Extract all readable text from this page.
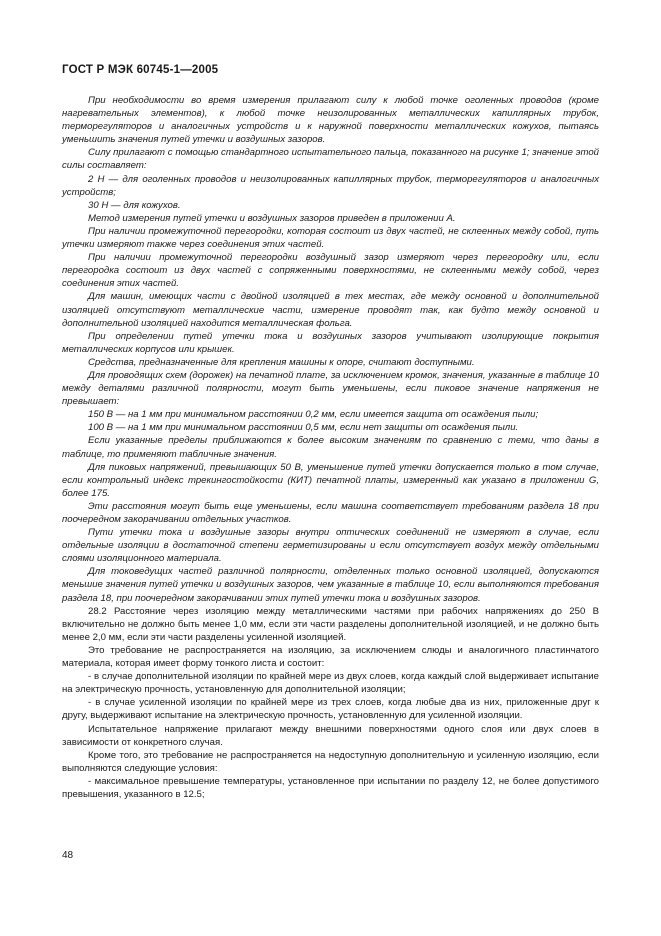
ГОСТ Р МЭК 60745-1—2005

При необходимости во время измерения прилагают силу к любой точке оголенных проводов (кроме нагревательных элементов), к любой точке неизолированных металлических капиллярных трубок, терморегуляторов и аналогичных устройств и к наружной поверхности металлических кожухов, пытаясь уменьшить значения путей утечки и воздушных зазоров.

Силу прилагают с помощью стандартного испытательного пальца, показанного на рисунке 1; значение этой силы составляет:

2 Н — для оголенных проводов и неизолированных капиллярных трубок, терморегуляторов и аналогичных устройств;

30 Н — для кожухов.

Метод измерения путей утечки и воздушных зазоров приведен в приложении А.

При наличии промежуточной перегородки, которая состоит из двух частей, не склеенных между собой, путь утечки измеряют также через соединения этих частей.

При наличии промежуточной перегородки воздушный зазор измеряют через перегородку или, если перегородка состоит из двух частей с сопряженными поверхностями, не склеенными между собой, через соединения этих частей.

Для машин, имеющих части с двойной изоляцией в тех местах, где между основной и дополнительной изоляцией отсутствуют металлические части, измерение проводят так, как будто между основной и дополнительной изоляцией находится металлическая фольга.

При определении путей утечки тока и воздушных зазоров учитывают изолирующие покрытия металлических корпусов или крышек.

Средства, предназначенные для крепления машины к опоре, считают доступными.

Для проводящих схем (дорожек) на печатной плате, за исключением кромок, значения, указанные в таблице 10 между деталями различной полярности, могут быть уменьшены, если пиковое значение напряжения не превышает:

150 В — на 1 мм при минимальном расстоянии 0,2 мм, если имеется защита от осаждения пыли;

100 В — на 1 мм при минимальном расстоянии 0,5 мм, если нет защиты от осаждения пыли.

Если указанные пределы приближаются к более высоким значениям по сравнению с теми, что даны в таблице, то применяют табличные значения.

Для пиковых напряжений, превышающих 50 В, уменьшение путей утечки допускается только в том случае, если контрольный индекс трекингостойкости (КИТ) печатной платы, измеренный как указано в приложении G, более 175.

Эти расстояния могут быть еще уменьшены, если машина соответствует требованиям раздела 18 при поочередном закорачивании отдельных участков.

Пути утечки тока и воздушные зазоры внутри оптических соединений не измеряют в случае, если отдельные изоляции в достаточной степени герметизированы и если отсутствует воздух между отдельными слоями изоляционного материала.

Для токоведущих частей различной полярности, отделенных только основной изоляцией, допускаются меньшие значения путей утечки и воздушных зазоров, чем указанные в таблице 10, если выполняются требования раздела 18, при поочередном закорачивании этих путей утечки тока и воздушных зазоров.

28.2 Расстояние через изоляцию между металлическими частями при рабочих напряжениях до 250 В включительно не должно быть менее 1,0 мм, если эти части разделены дополнительной изоляцией, и не должно быть менее 2,0 мм, если эти части разделены усиленной изоляцией.

Это требование не распространяется на изоляцию, за исключением слюды и аналогичного пластинчатого материала, которая имеет форму тонкого листа и состоит:

- в случае дополнительной изоляции по крайней мере из двух слоев, когда каждый слой выдерживает испытание на электрическую прочность, установленную для дополнительной изоляции;

- в случае усиленной изоляции по крайней мере из трех слоев, когда любые два из них, приложенные друг к другу, выдерживают испытание на электрическую прочность, установленную для усиленной изоляции.

Испытательное напряжение прилагают между внешними поверхностями одного слоя или двух слоев в зависимости от конкретного случая.

Кроме того, это требование не распространяется на недоступную дополнительную и усиленную изоляцию, если выполняются следующие условия:

- максимальное превышение температуры, установленное при испытании по разделу 12, не более допустимого превышения, указанного в 12.5;

48
